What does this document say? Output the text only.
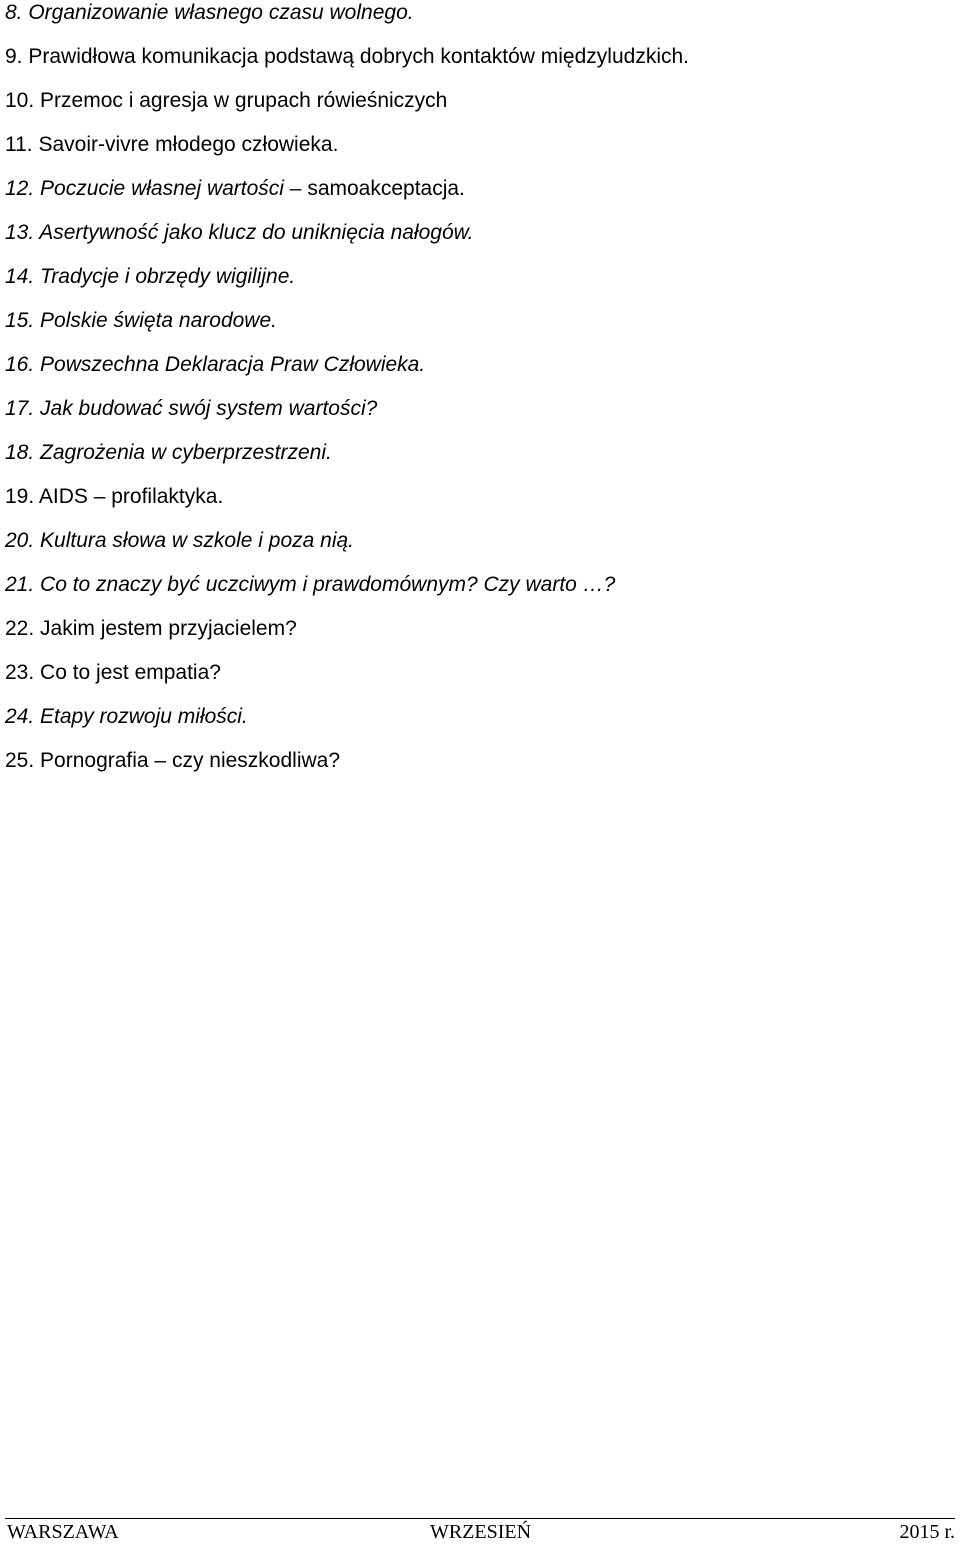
8. Organizowanie własnego czasu wolnego.
9. Prawidłowa komunikacja podstawą dobrych kontaktów międzyludzkich.
10. Przemoc i agresja w grupach rówieśniczych
11. Savoir-vivre młodego człowieka.
12. Poczucie własnej wartości – samoakceptacja.
13. Asertywność jako klucz do uniknięcia nałogów.
14. Tradycje i obrzędy wigilijne.
15. Polskie święta narodowe.
16. Powszechna Deklaracja Praw Człowieka.
17. Jak budować swój system wartości?
18. Zagrożenia w cyberprzestrzeni.
19. AIDS – profilaktyka.
20. Kultura słowa w szkole i poza nią.
21. Co to znaczy być uczciwym i prawdomównym? Czy warto …?
22. Jakim jestem przyjacielem?
23. Co to jest empatia?
24. Etapy rozwoju miłości.
25. Pornografia – czy nieszkodliwa?
WARSZAWA	WRZESIEŃ	2015 r.
